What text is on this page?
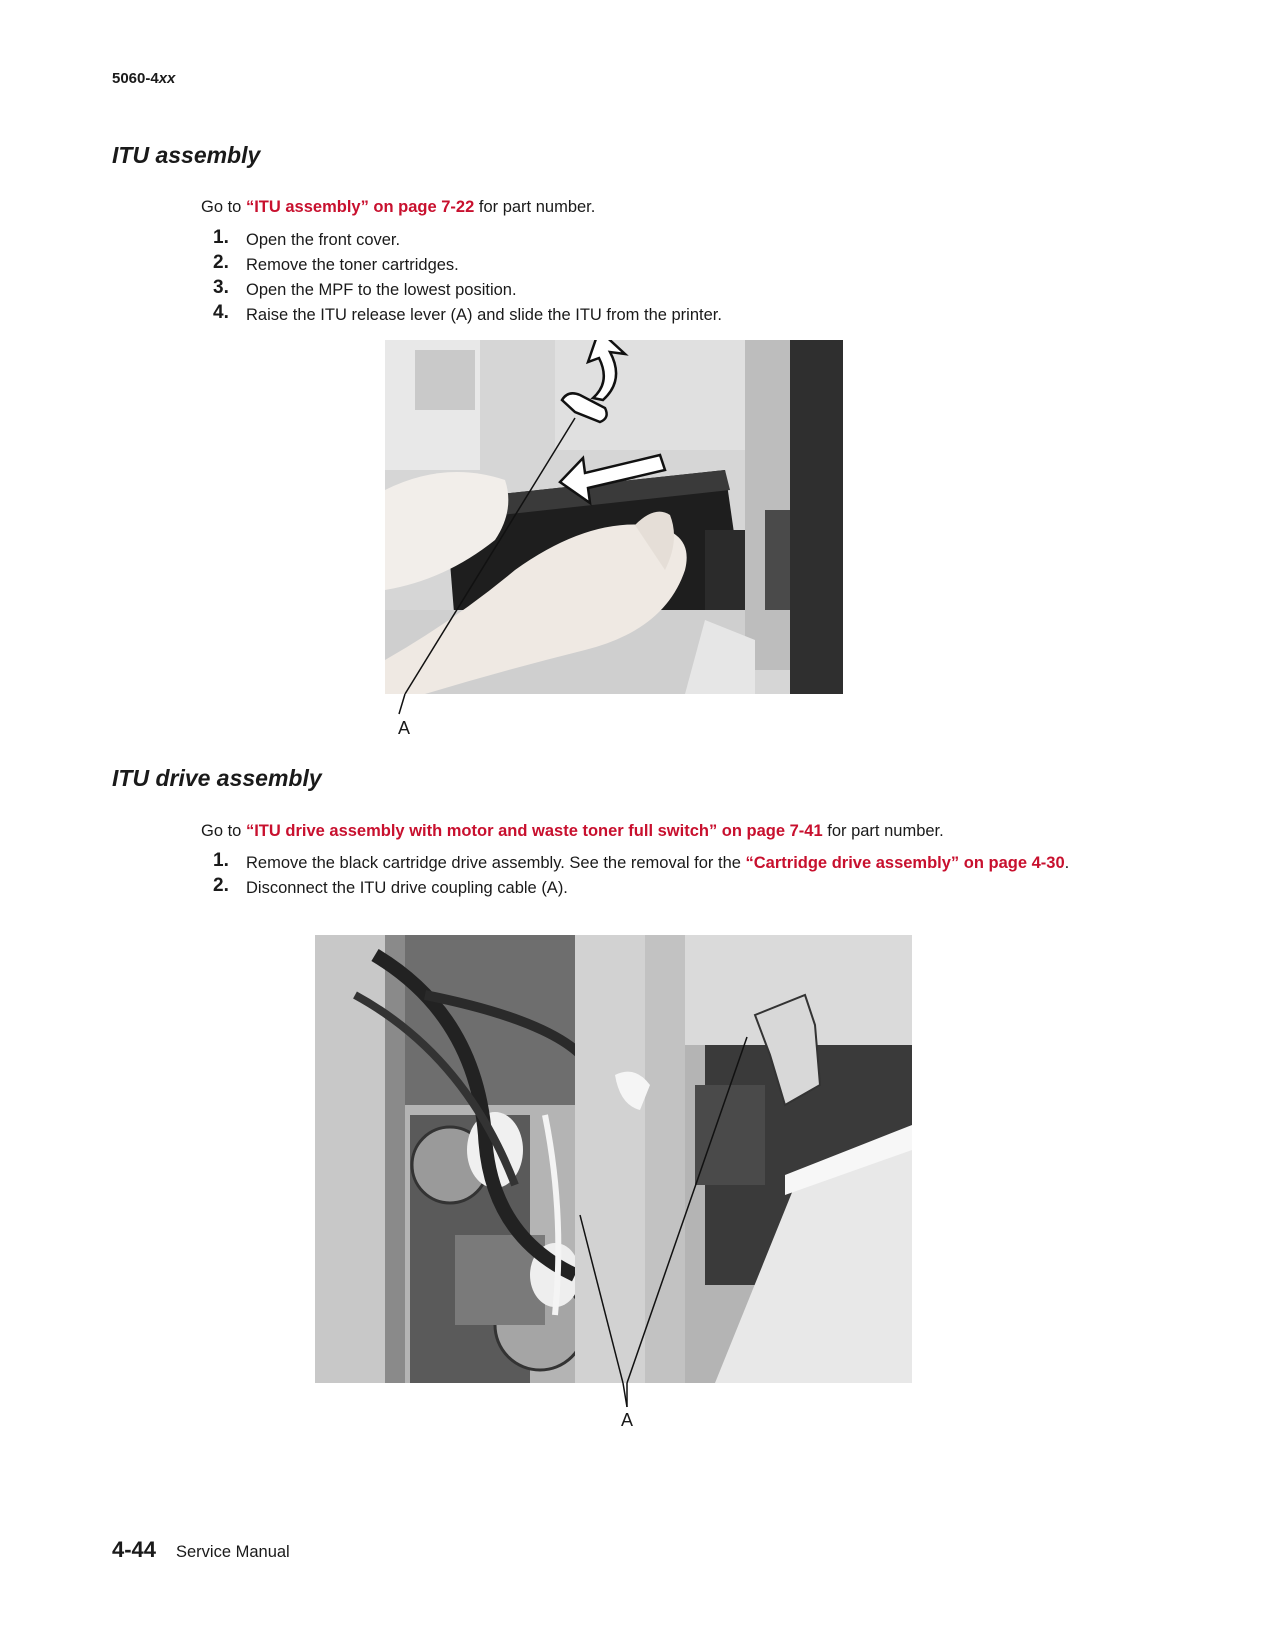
5060-4xx
ITU assembly
Go to “ITU assembly” on page 7-22 for part number.
1. Open the front cover.
2. Remove the toner cartridges.
3. Open the MPF to the lowest position.
4. Raise the ITU release lever (A) and slide the ITU from the printer.
A
ITU drive assembly
Go to “ITU drive assembly with motor and waste toner full switch” on page 7-41 for part number.
1. Remove the black cartridge drive assembly. See the removal for the “Cartridge drive assembly” on page 4-30.
2. Disconnect the ITU drive coupling cable (A).
A
4-44 Service Manual
